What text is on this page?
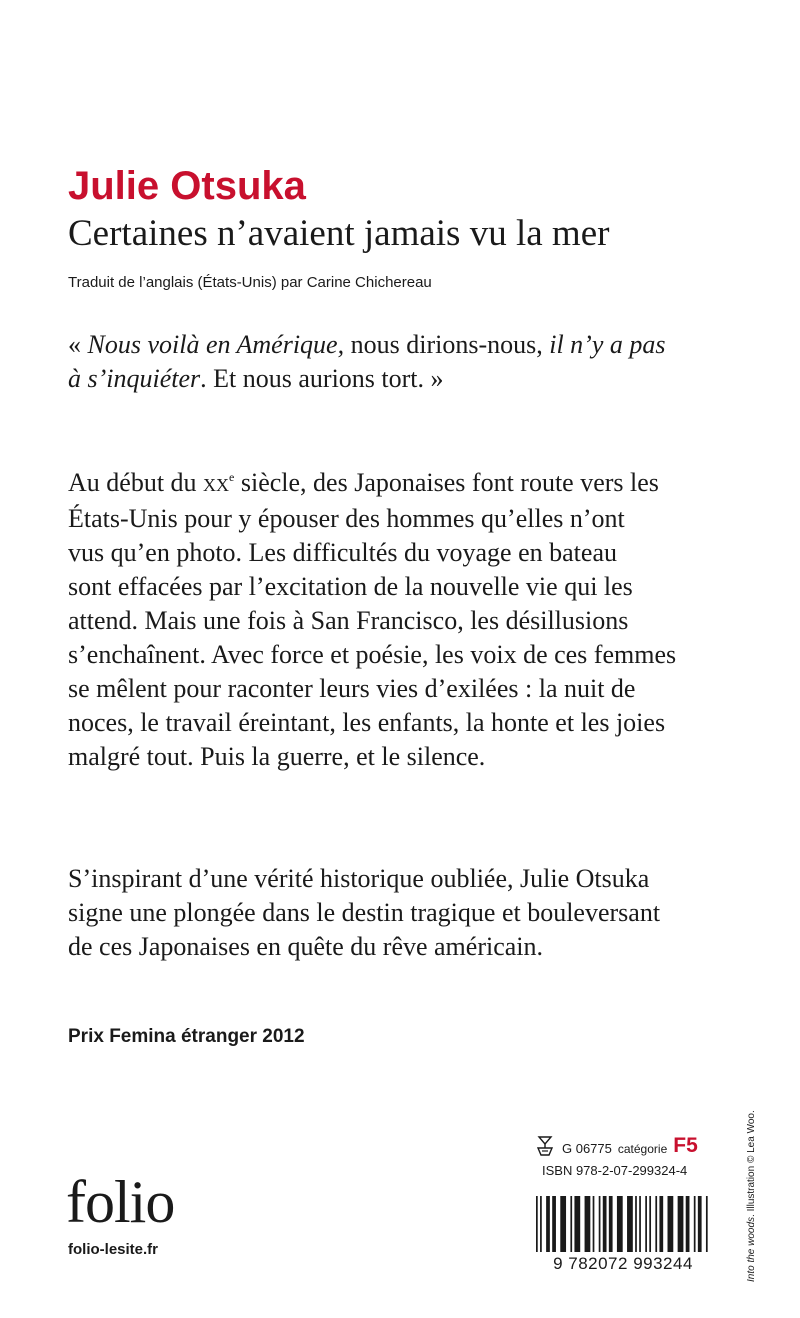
Julie Otsuka
Certaines n’avaient jamais vu la mer

Traduit de l’anglais (États-Unis) par Carine Chichereau

« Nous voilà en Amérique, nous dirions-nous, il n’y a pas
à s’inquiéter. Et nous aurions tort. »

Au début du XXe siècle, des Japonaises font route vers les
États-Unis pour y épouser des hommes qu’elles n’ont
vus qu’en photo. Les difficultés du voyage en bateau
sont effacées par l’excitation de la nouvelle vie qui les
attend. Mais une fois à San Francisco, les désillusions
s’enchaînent. Avec force et poésie, les voix de ces femmes
se mêlent pour raconter leurs vies d’exilées : la nuit de
noces, le travail éreintant, les enfants, la honte et les joies
malgré tout. Puis la guerre, et le silence.

S’inspirant d’une vérité historique oubliée, Julie Otsuka
signe une plongée dans le destin tragique et bouleversant
de ces Japonaises en quête du rêve américain.

Prix Femina étranger 2012

folio
folio-lesite.fr
G 06775 catégorie F5
ISBN 978-2-07-299324-4
9 782072 993244	Into the woods. Illustration © Lea Woo.
